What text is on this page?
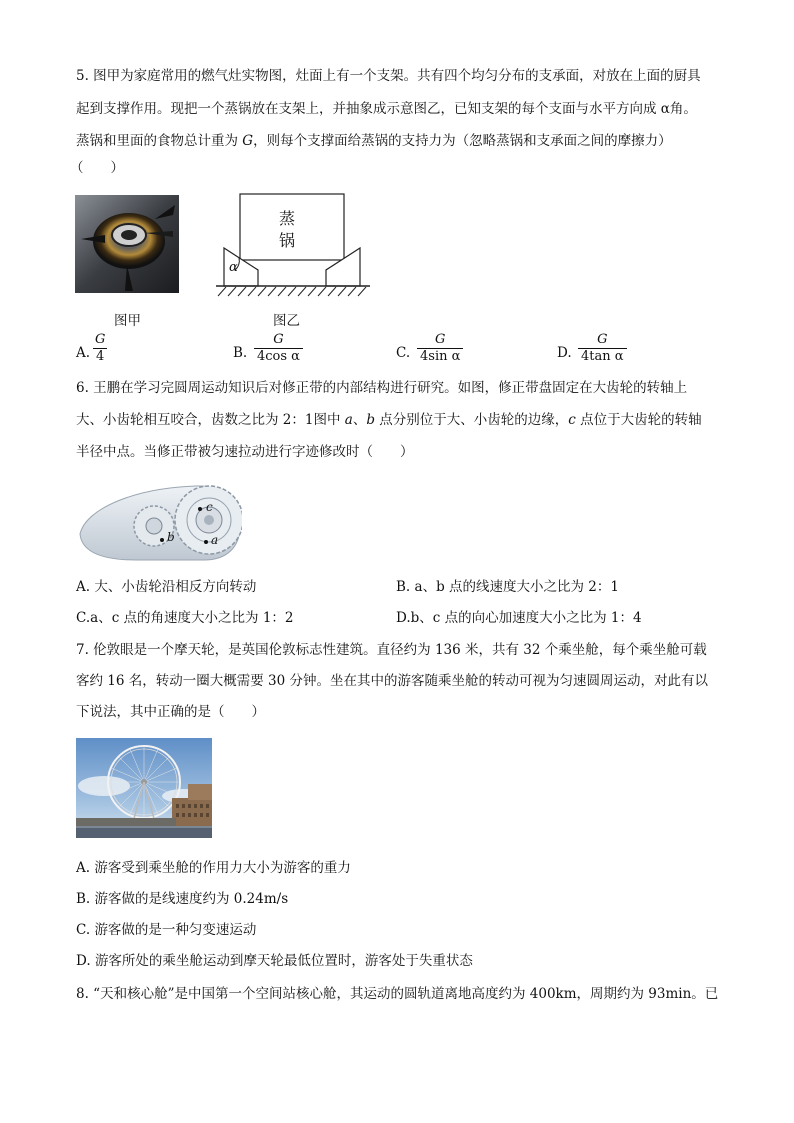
5. 图甲为家庭常用的燃气灶实物图，灶面上有一个支架。共有四个均匀分布的支承面，对放在上面的厨具
起到支撑作用。现把一个蒸锅放在支架上，并抽象成示意图乙，已知支架的每个支面与水平方向成 α角。
蒸锅和里面的食物总计重为 G，则每个支撑面给蒸锅的支持力为（忽略蒸锅和支承面之间的摩擦力）
（　　）
图甲
蒸
锅
α
图乙
A. $\frac{G}{4}$	B. $\frac{G}{\text{4cos α}}$	C. $\frac{G}{\text{4sin α}}$	D. $\frac{G}{\text{4tan α}}$
6. 王鹏在学习完圆周运动知识后对修正带的内部结构进行研究。如图，修正带盘固定在大齿轮的转轴上
大、小齿轮相互咬合，齿数之比为 2：1图中 a、b 点分别位于大、小齿轮的边缘，c 点位于大齿轮的转轴
半径中点。当修正带被匀速拉动进行字迹修改时（　　）
c
b	a
A. 大、小齿轮沿相反方向转动	B. a、b 点的线速度大小之比为 2：1
C.a、c 点的角速度大小之比为 1：2	D.b、c 点的向心加速度大小之比为 1：4
7. 伦敦眼是一个摩天轮，是英国伦敦标志性建筑。直径约为 136 米，共有 32 个乘坐舱，每个乘坐舱可载
客约 16 名，转动一圈大概需要 30 分钟。坐在其中的游客随乘坐舱的转动可视为匀速圆周运动，对此有以
下说法，其中正确的是（　　）
A. 游客受到乘坐舱的作用力大小为游客的重力
B. 游客做的是线速度约为 0.24m/s
C. 游客做的是一种匀变速运动
D. 游客所处的乘坐舱运动到摩天轮最低位置时，游客处于失重状态
8. “天和核心舱”是中国第一个空间站核心舱，其运动的圆轨道离地高度约为 400km，周期约为 93min。已
